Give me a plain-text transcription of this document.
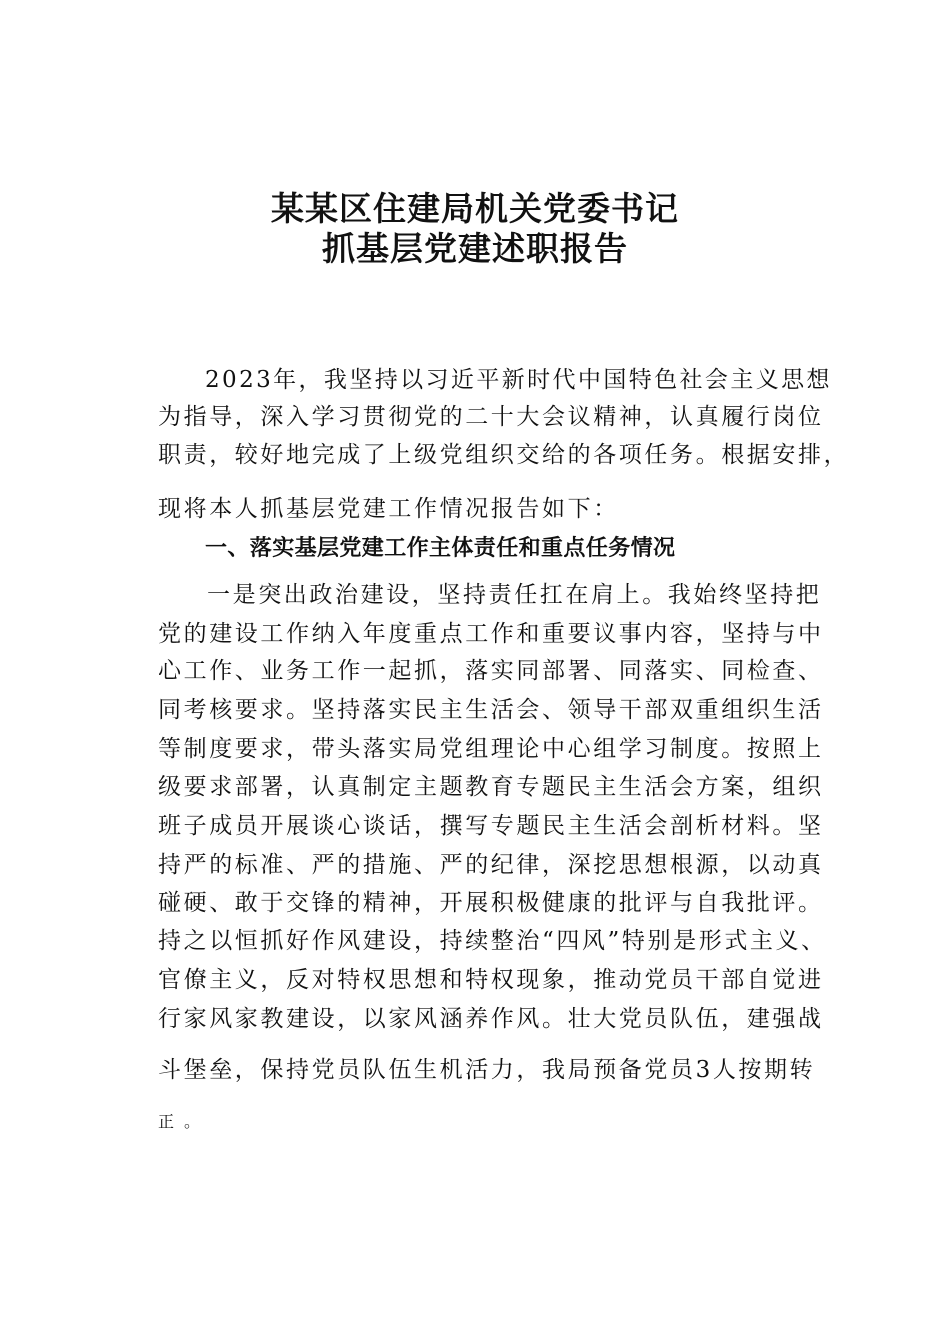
某某区住建局机关党委书记
抓基层党建述职报告
2023年，我坚持以习近平新时代中国特色社会主义思想
为指导，深入学习贯彻党的二十大会议精神，认真履行岗位
职责，较好地完成了上级党组织交给的各项任务。根据安排，
现将本人抓基层党建工作情况报告如下：
一、落实基层党建工作主体责任和重点任务情况
一是突出政治建设，坚持责任扛在肩上。我始终坚持把
党的建设工作纳入年度重点工作和重要议事内容，坚持与中
心工作、业务工作一起抓，落实同部署、同落实、同检查、
同考核要求。坚持落实民主生活会、领导干部双重组织生活
等制度要求，带头落实局党组理论中心组学习制度。按照上
级要求部署，认真制定主题教育专题民主生活会方案，组织
班子成员开展谈心谈话，撰写专题民主生活会剖析材料。坚
持严的标准、严的措施、严的纪律，深挖思想根源，以动真
碰硬、敢于交锋的精神，开展积极健康的批评与自我批评。
持之以恒抓好作风建设，持续整治“四风”特别是形式主义、
官僚主义，反对特权思想和特权现象，推动党员干部自觉进
行家风家教建设，以家风涵养作风。壮大党员队伍，建强战
斗堡垒，保持党员队伍生机活力，我局预备党员3人按期转
正。
